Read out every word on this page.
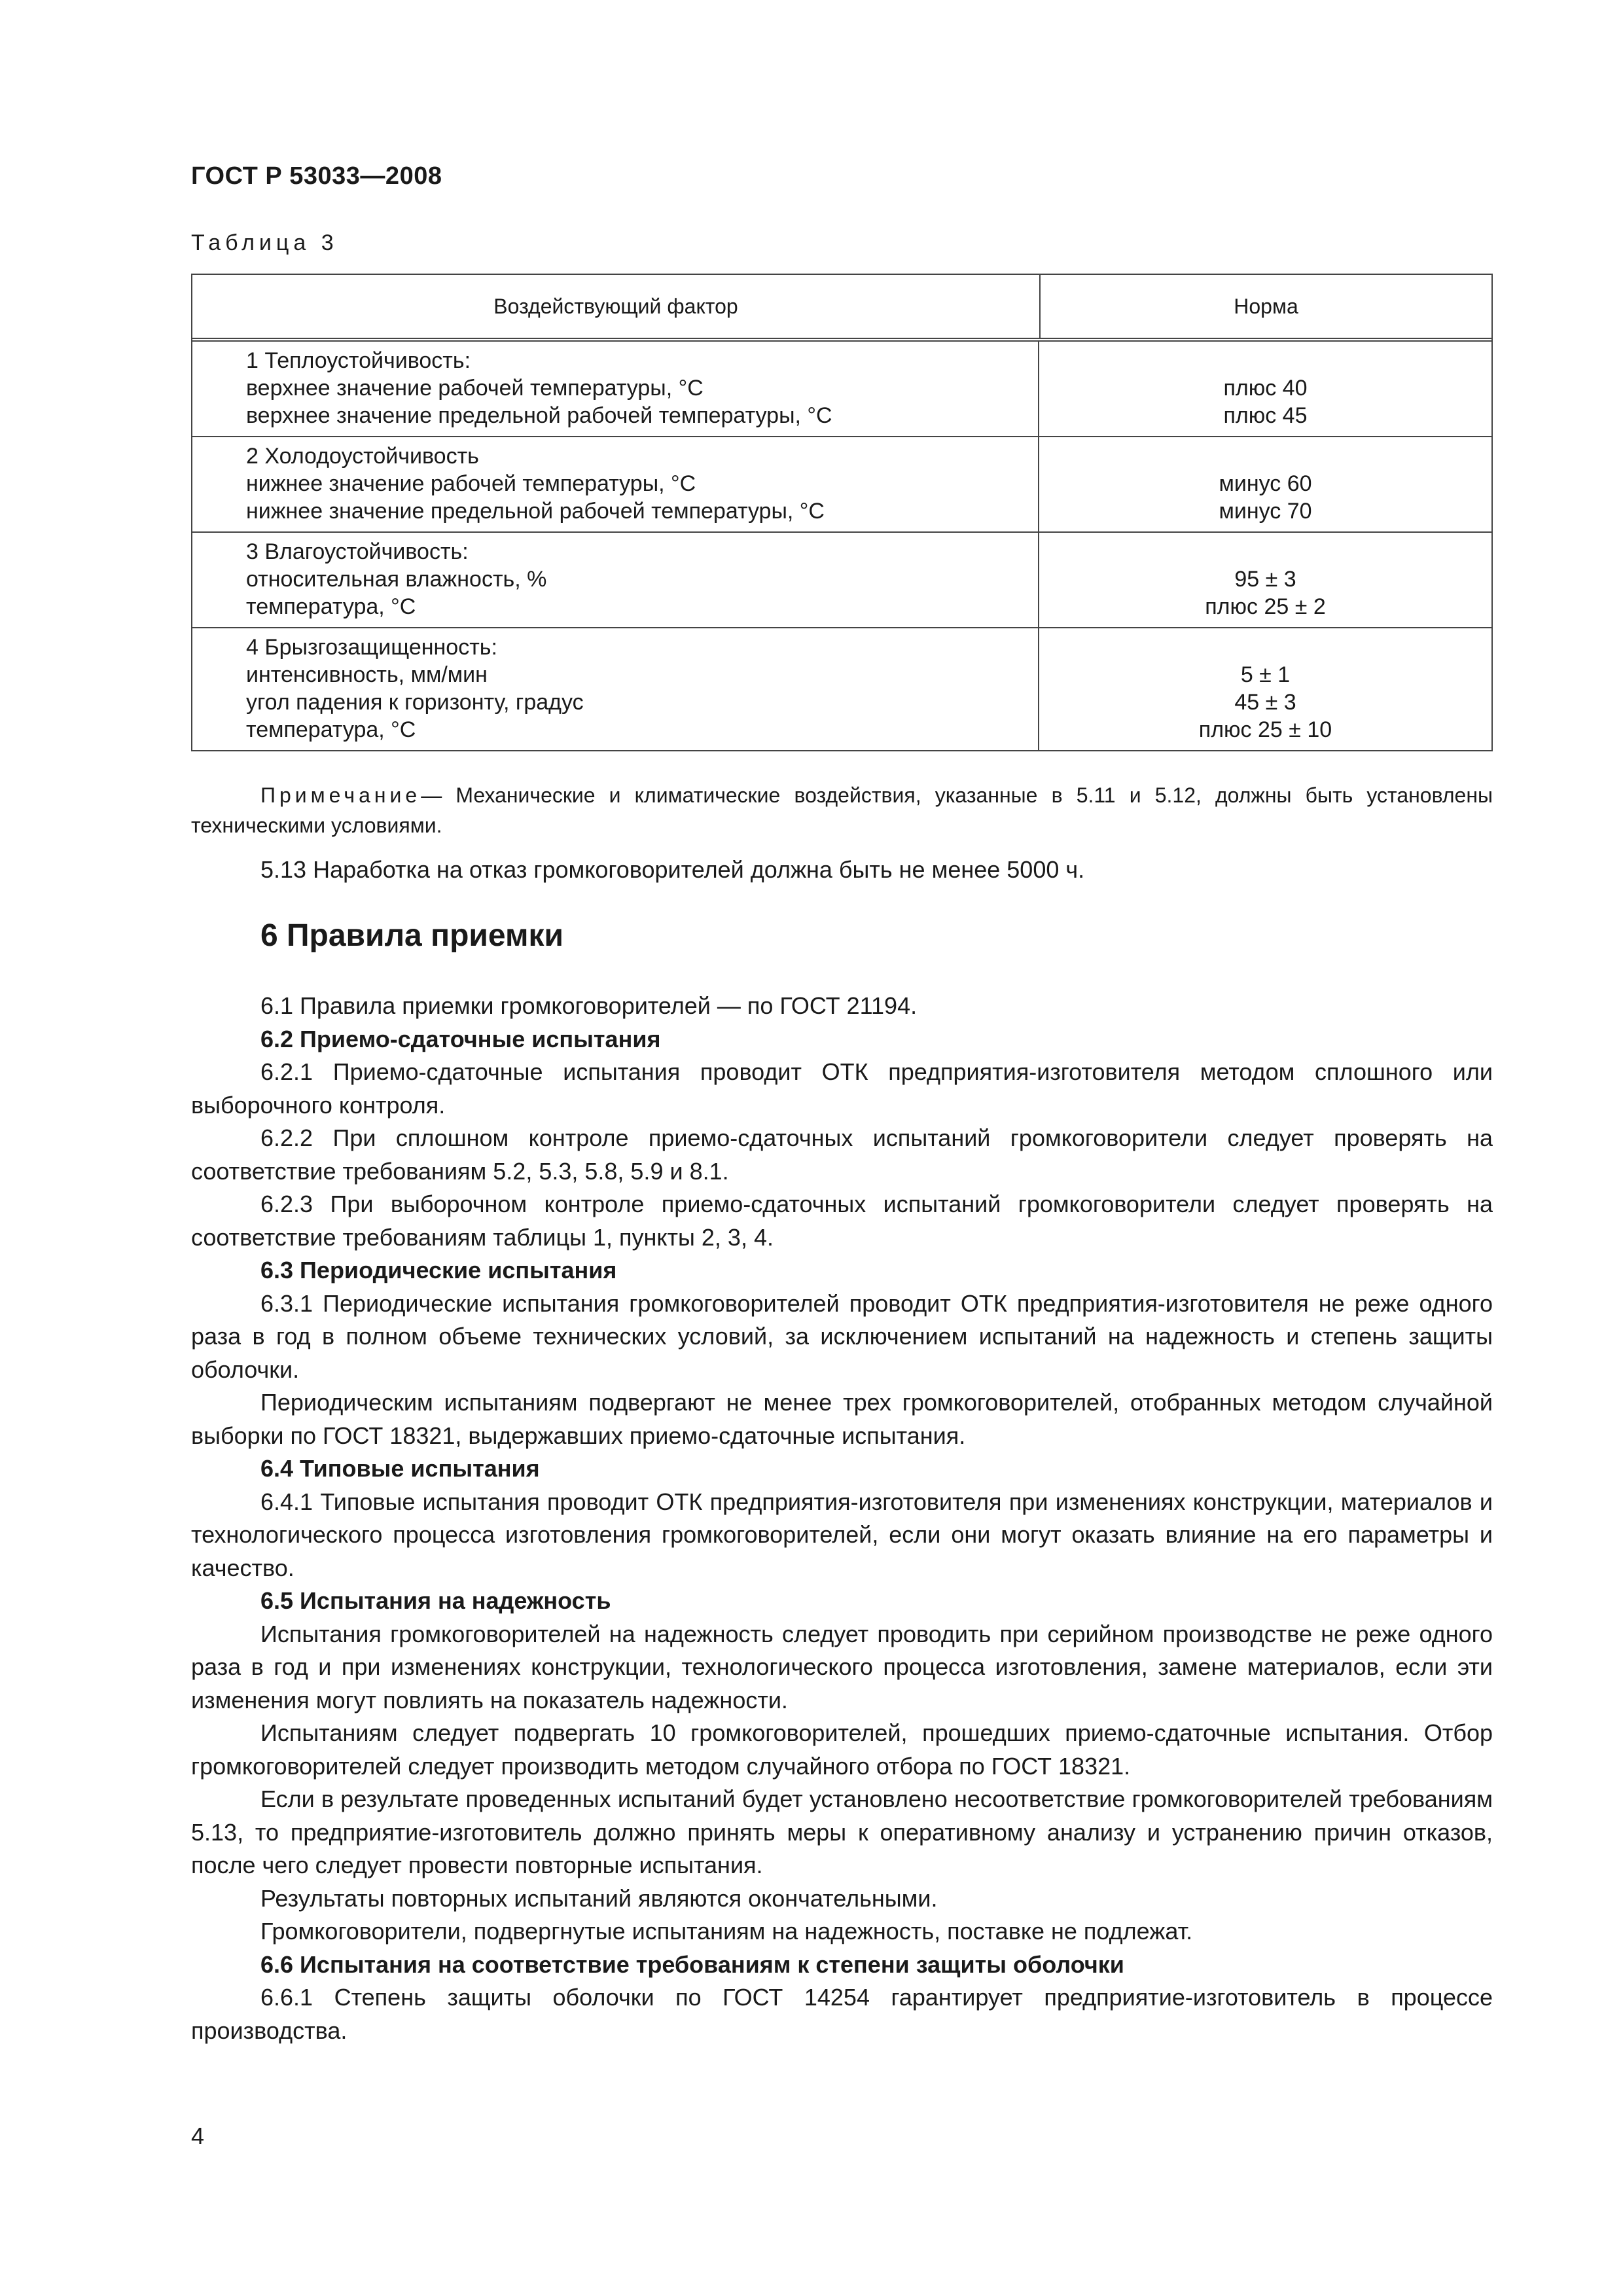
ГОСТ Р 53033—2008
Таблица 3
Воздействующий фактор	Норма
1 Теплоустойчивость:
верхнее значение рабочей температуры, °С
верхнее значение предельной рабочей температуры, °С

плюс 40
плюс 45
2 Холодоустойчивость
нижнее значение рабочей температуры, °С
нижнее значение предельной рабочей температуры, °С

минус 60
минус 70
3 Влагоустойчивость:
относительная влажность, %
температура, °С

95 ± 3
плюс 25 ± 2
4 Брызгозащищенность:
интенсивность, мм/мин
угол падения к горизонту, градус
температура, °С

5 ± 1
45 ± 3
плюс 25 ± 10
Примечание— Механические и климатические воздействия, указанные в 5.11 и 5.12, должны быть установлены техническими условиями.
5.13 Наработка на отказ громкоговорителей должна быть не менее 5000 ч.
6 Правила приемки

6.1 Правила приемки громкоговорителей — по ГОСТ 21194.

6.2 Приемо-сдаточные испытания

6.2.1 Приемо-сдаточные испытания проводит ОТК предприятия-изготовителя методом сплошного или выборочного контроля.

6.2.2 При сплошном контроле приемо-сдаточных испытаний громкоговорители следует проверять на соответствие требованиям 5.2, 5.3, 5.8, 5.9 и 8.1.

6.2.3 При выборочном контроле приемо-сдаточных испытаний громкоговорители следует проверять на соответствие требованиям таблицы 1, пункты 2, 3, 4.

6.3 Периодические испытания

6.3.1 Периодические испытания громкоговорителей проводит ОТК предприятия-изготовителя не реже одного раза в год в полном объеме технических условий, за исключением испытаний на надежность и степень защиты оболочки.

Периодическим испытаниям подвергают не менее трех громкоговорителей, отобранных методом случайной выборки по ГОСТ 18321, выдержавших приемо-сдаточные испытания.

6.4 Типовые испытания

6.4.1 Типовые испытания проводит ОТК предприятия-изготовителя при изменениях конструкции, материалов и технологического процесса изготовления громкоговорителей, если они могут оказать влияние на его параметры и качество.

6.5 Испытания на надежность

Испытания громкоговорителей на надежность следует проводить при серийном производстве не реже одного раза в год и при изменениях конструкции, технологического процесса изготовления, замене материалов, если эти изменения могут повлиять на показатель надежности.

Испытаниям следует подвергать 10 громкоговорителей, прошедших приемо-сдаточные испытания. Отбор громкоговорителей следует производить методом случайного отбора по ГОСТ 18321.

Если в результате проведенных испытаний будет установлено несоответствие громкоговорителей требованиям 5.13, то предприятие-изготовитель должно принять меры к оперативному анализу и устранению причин отказов, после чего следует провести повторные испытания.

Результаты повторных испытаний являются окончательными.

Громкоговорители, подвергнутые испытаниям на надежность, поставке не подлежат.

6.6 Испытания на соответствие требованиям к степени защиты оболочки

6.6.1 Степень защиты оболочки по ГОСТ 14254 гарантирует предприятие-изготовитель в процессе производства.

4
